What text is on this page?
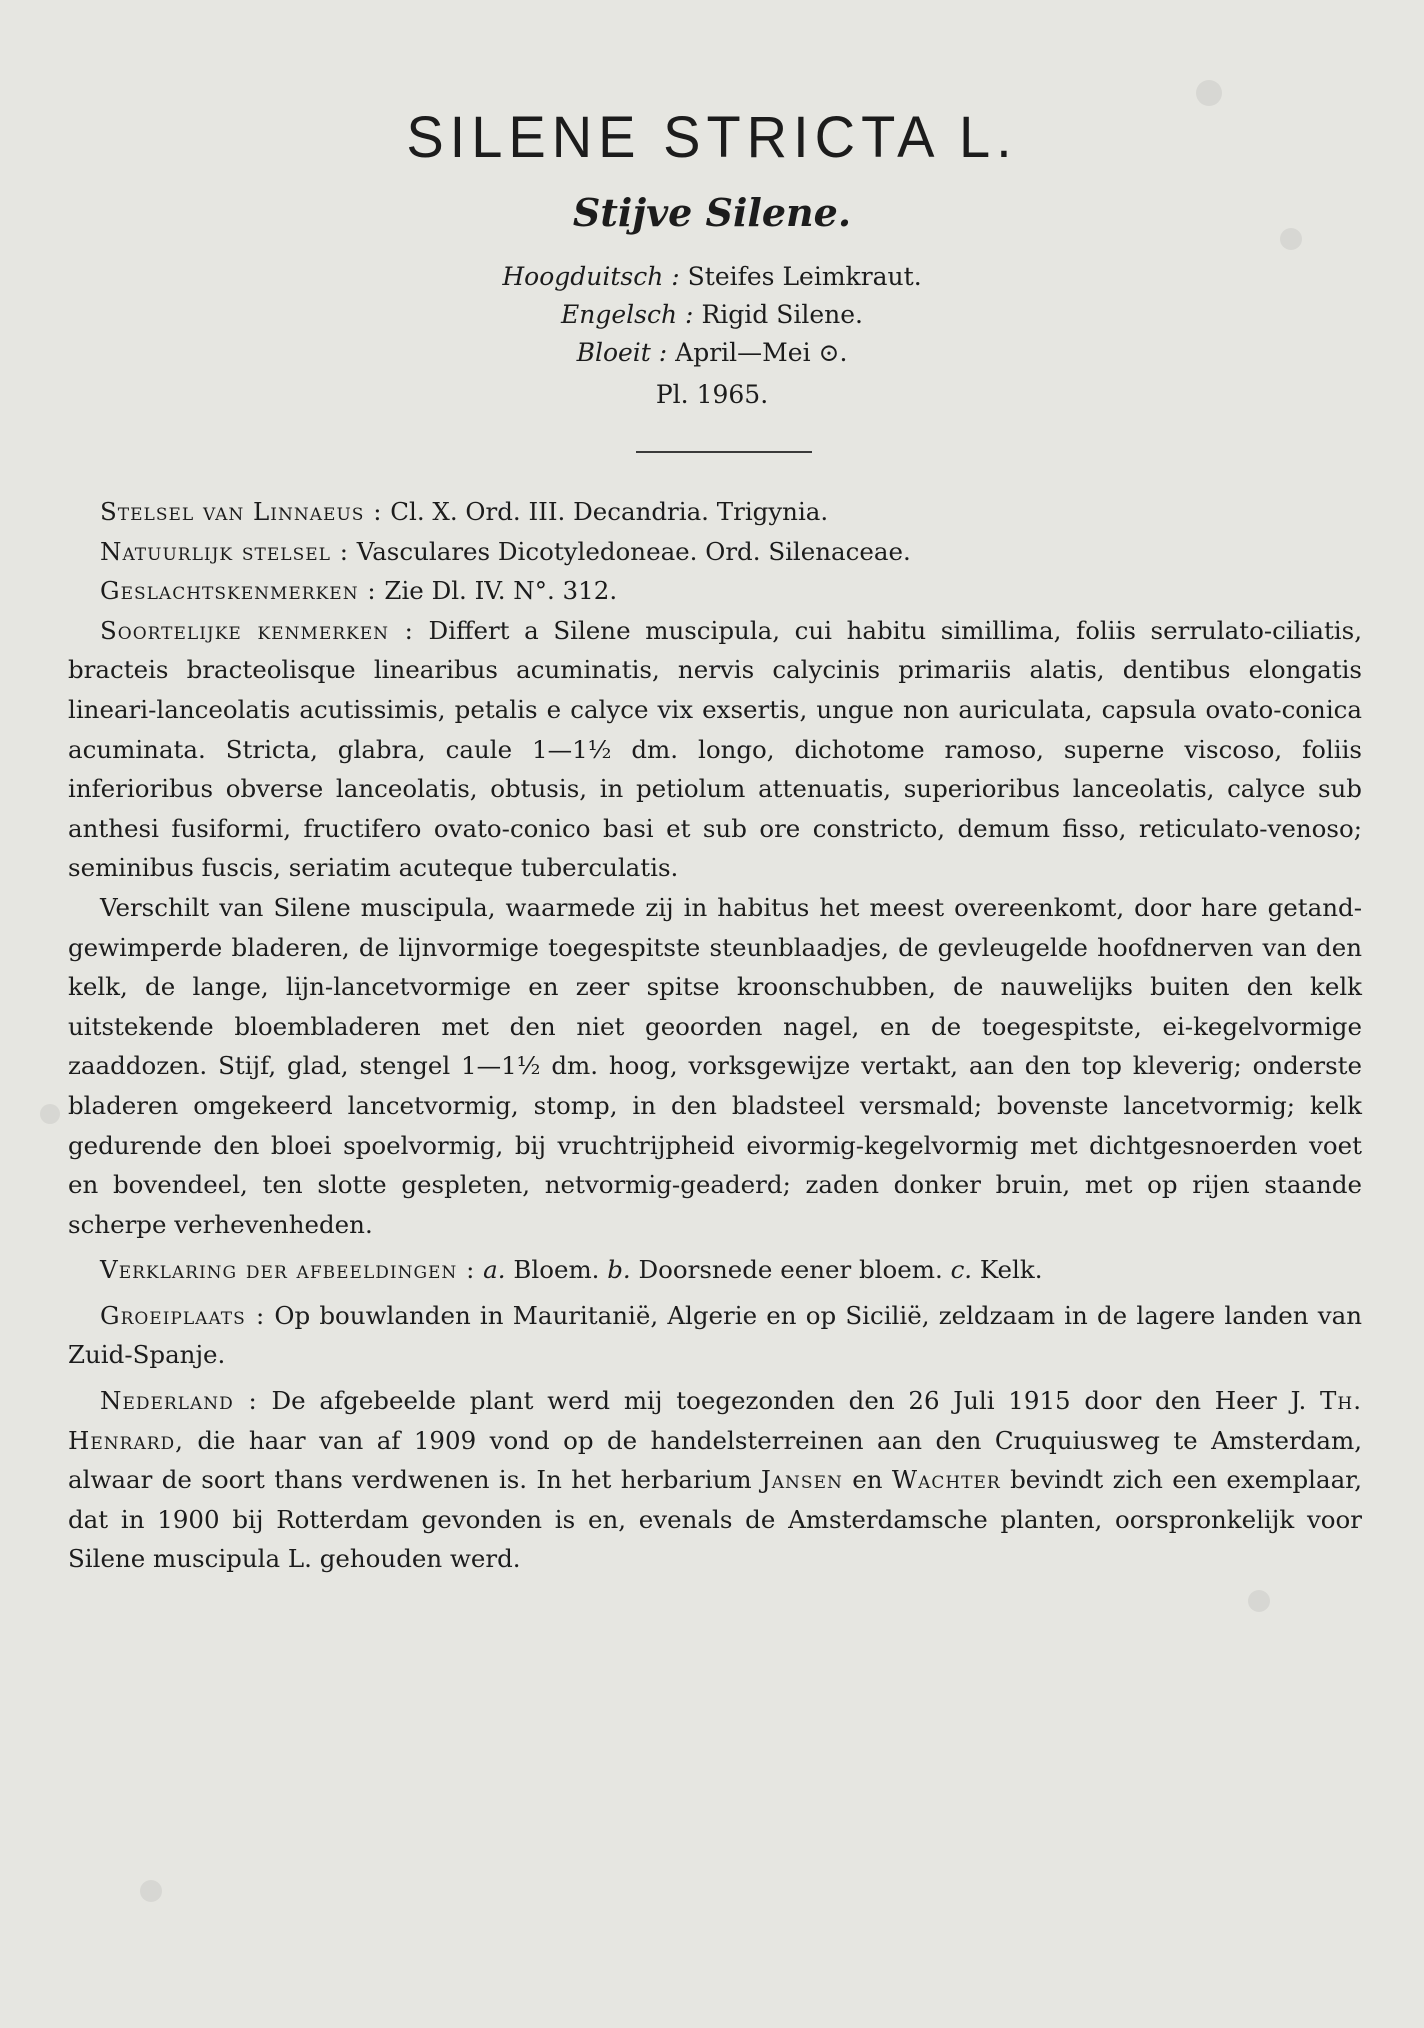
SILENE STRICTA L.
Stijve Silene.
Hoogduitsch : Steifes Leimkraut.
Engelsch : Rigid Silene.
Bloeit : April—Mei ⊙.
Pl. 1965.

Stelsel van Linnaeus : Cl. X. Ord. III. Decandria. Trigynia.

Natuurlijk stelsel : Vasculares Dicotyledoneae. Ord. Silenaceae.

Geslachtskenmerken : Zie Dl. IV. N°. 312.

Soortelijke kenmerken : Differt a Silene muscipula, cui habitu simillima, foliis serrulato-ciliatis, bracteis bracteolisque linearibus acuminatis, nervis calycinis primariis alatis, dentibus elongatis lineari-lanceolatis acutissimis, petalis e calyce vix exsertis, ungue non auriculata, capsula ovato-conica acuminata. Stricta, glabra, caule 1—1½ dm. longo, dichotome ramoso, superne viscoso, foliis inferioribus obverse lanceolatis, obtusis, in petiolum attenuatis, superioribus lanceolatis, calyce sub anthesi fusiformi, fructifero ovato-conico basi et sub ore constricto, demum fisso, reticulato-venoso; seminibus fuscis, seriatim acuteque tuberculatis.

Verschilt van Silene muscipula, waarmede zij in habitus het meest overeenkomt, door hare getand-gewimperde bladeren, de lijnvormige toegespitste steunblaadjes, de gevleugelde hoofdnerven van den kelk, de lange, lijn-lancetvormige en zeer spitse kroonschubben, de nauwelijks buiten den kelk uitstekende bloembladeren met den niet geoorden nagel, en de toegespitste, ei-kegelvormige zaaddozen. Stijf, glad, stengel 1—1½ dm. hoog, vorksgewijze vertakt, aan den top kleverig; onderste bladeren omgekeerd lancetvormig, stomp, in den bladsteel versmald; bovenste lancetvormig; kelk gedurende den bloei spoelvormig, bij vruchtrijpheid eivormig-kegelvormig met dichtgesnoerden voet en bovendeel, ten slotte gespleten, netvormig-geaderd; zaden donker bruin, met op rijen staande scherpe verhevenheden.

Verklaring der afbeeldingen : a. Bloem. b. Doorsnede eener bloem. c. Kelk.

Groeiplaats : Op bouwlanden in Mauritanië, Algerie en op Sicilië, zeldzaam in de lagere landen van Zuid-Spanje.

Nederland : De afgebeelde plant werd mij toegezonden den 26 Juli 1915 door den Heer J. Th. Henrard, die haar van af 1909 vond op de handelsterreinen aan den Cruquiusweg te Amsterdam, alwaar de soort thans verdwenen is. In het herbarium Jansen en Wachter bevindt zich een exemplaar, dat in 1900 bij Rotterdam gevonden is en, evenals de Amsterdamsche planten, oorspronkelijk voor Silene muscipula L. gehouden werd.
